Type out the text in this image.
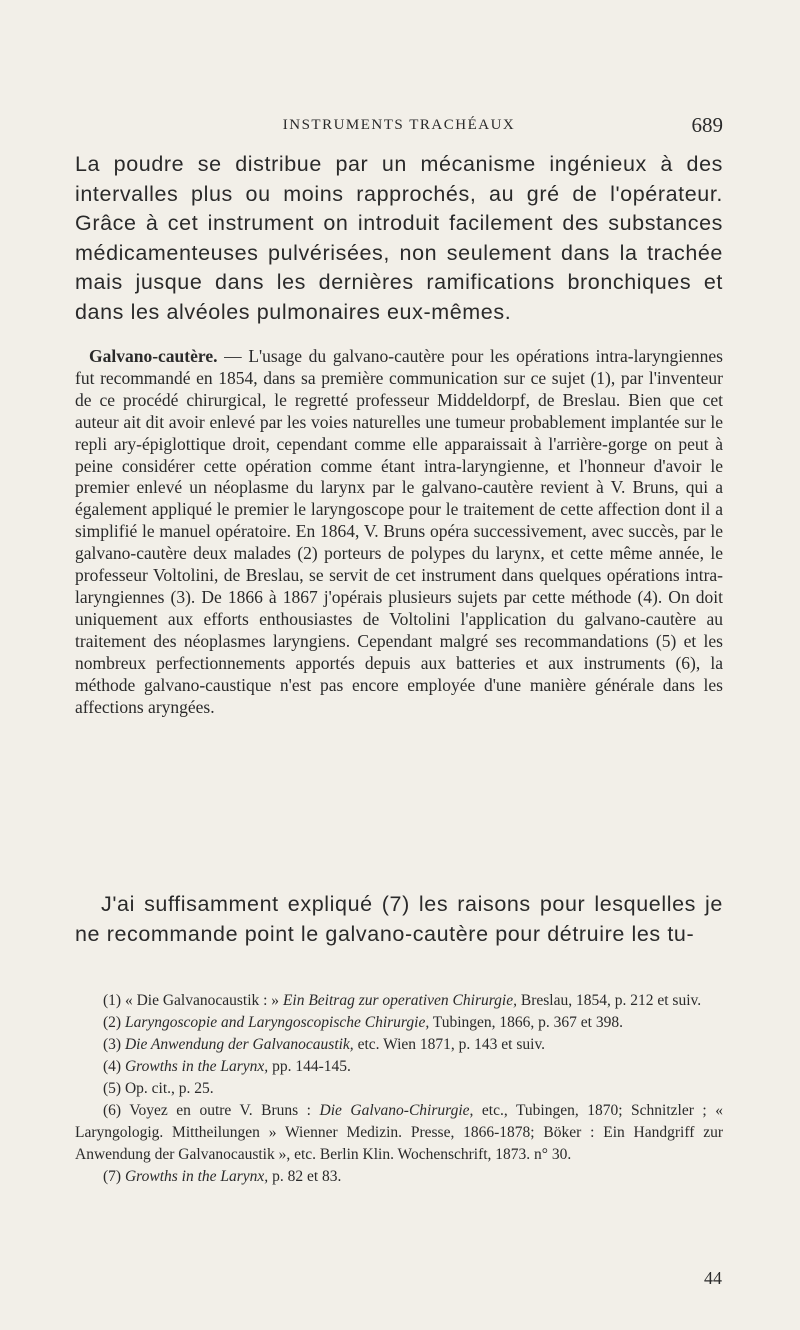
INSTRUMENTS TRACHÉAUX	689

La poudre se distribue par un mécanisme ingénieux à des intervalles plus ou moins rapprochés, au gré de l'opérateur. Grâce à cet instrument on introduit facilement des substances médicamenteuses pulvérisées, non seulement dans la trachée mais jusque dans les dernières ramifications bronchiques et dans les alvéoles pulmonaires eux-mêmes.

Galvano-cautère. — L'usage du galvano-cautère pour les opérations intra-laryngiennes fut recommandé en 1854, dans sa première communication sur ce sujet (1), par l'inventeur de ce procédé chirurgical, le regretté professeur Middeldorpf, de Breslau. Bien que cet auteur ait dit avoir enlevé par les voies naturelles une tumeur probablement implantée sur le repli ary-épiglottique droit, cependant comme elle apparaissait à l'arrière-gorge on peut à peine considérer cette opération comme étant intra-laryngienne, et l'honneur d'avoir le premier enlevé un néoplasme du larynx par le galvano-cautère revient à V. Bruns, qui a également appliqué le premier le laryngoscope pour le traitement de cette affection dont il a simplifié le manuel opératoire. En 1864, V. Bruns opéra successivement, avec succès, par le galvano-cautère deux malades (2) porteurs de polypes du larynx, et cette même année, le professeur Voltolini, de Breslau, se servit de cet instrument dans quelques opérations intra-laryngiennes (3). De 1866 à 1867 j'opérais plusieurs sujets par cette méthode (4). On doit uniquement aux efforts enthousiastes de Voltolini l'application du galvano-cautère au traitement des néoplasmes laryngiens. Cependant malgré ses recommandations (5) et les nombreux perfectionnements apportés depuis aux batteries et aux instruments (6), la méthode galvano-caustique n'est pas encore employée d'une manière générale dans les affections aryngées.

J'ai suffisamment expliqué (7) les raisons pour lesquelles je ne recommande point le galvano-cautère pour détruire les tu-

(1) « Die Galvanocaustik : » Ein Beitrag zur operativen Chirurgie, Breslau, 1854, p. 212 et suiv.

(2) Laryngoscopie and Laryngoscopische Chirurgie, Tubingen, 1866, p. 367 et 398.

(3) Die Anwendung der Galvanocaustik, etc. Wien 1871, p. 143 et suiv.

(4) Growths in the Larynx, pp. 144-145.

(5) Op. cit., p. 25.

(6) Voyez en outre V. Bruns : Die Galvano-Chirurgie, etc., Tubingen, 1870; Schnitzler ; « Laryngologig. Mittheilungen » Wienner Medizin. Presse, 1866-1878; Böker : Ein Handgriff zur Anwendung der Galvanocaustik », etc. Berlin Klin. Wochenschrift, 1873. n° 30.

(7) Growths in the Larynx, p. 82 et 83.

44
